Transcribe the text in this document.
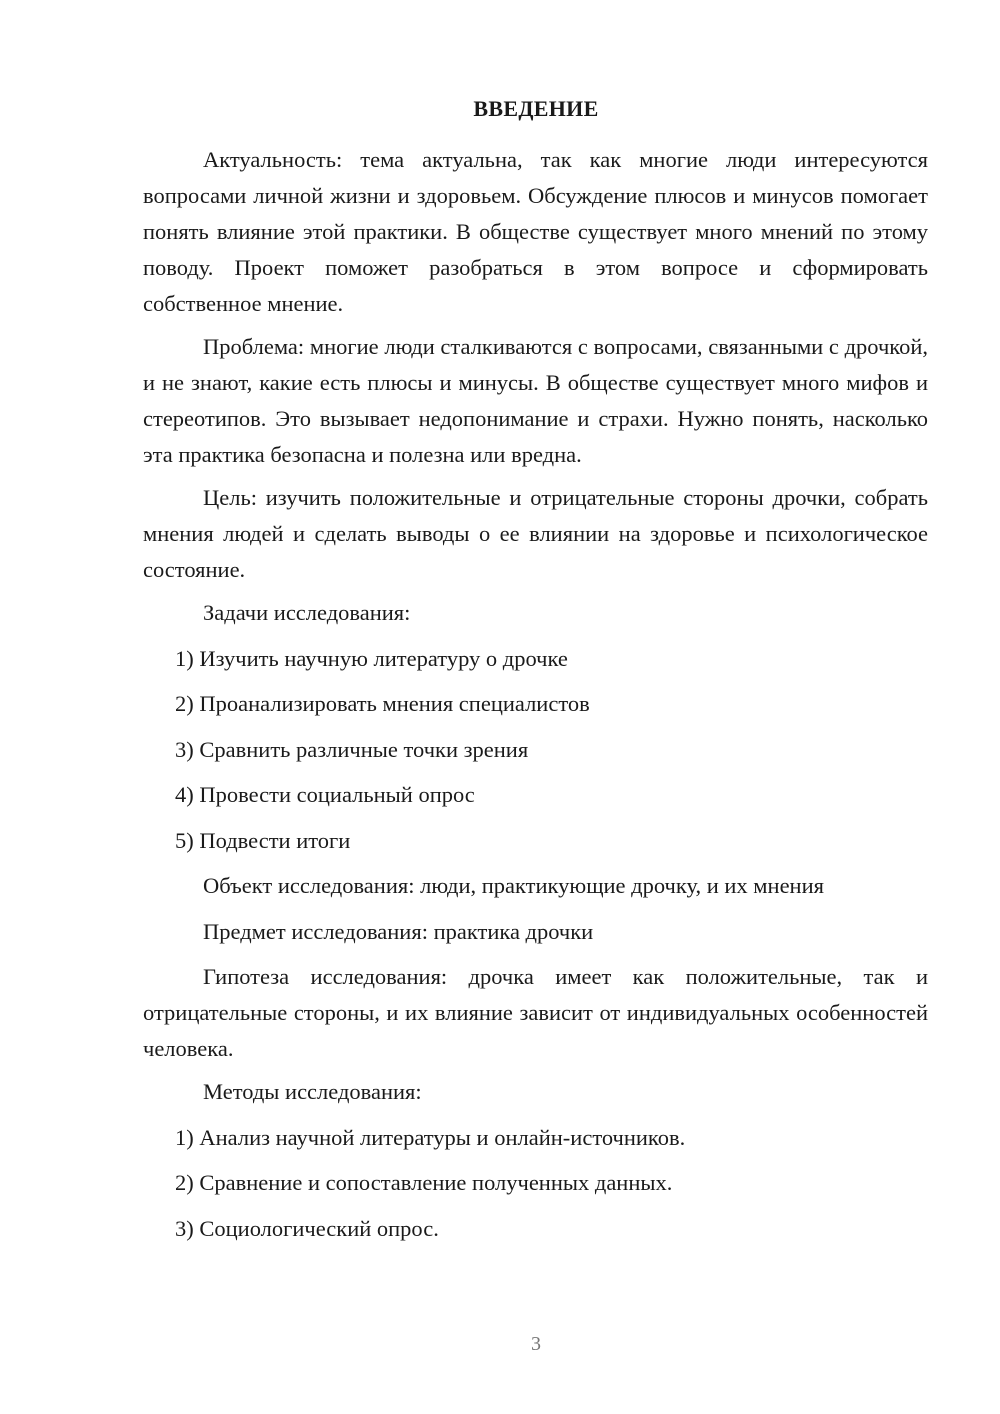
ВВЕДЕНИЕ

Актуальность: тема актуальна, так как многие люди интересуются вопросами личной жизни и здоровьем. Обсуждение плюсов и минусов помогает понять влияние этой практики. В обществе существует много мнений по этому поводу. Проект поможет разобраться в этом вопросе и сформировать собственное мнение.

Проблема: многие люди сталкиваются с вопросами, связанными с дрочкой, и не знают, какие есть плюсы и минусы. В обществе существует много мифов и стереотипов. Это вызывает недопонимание и страхи. Нужно понять, насколько эта практика безопасна и полезна или вредна.

Цель: изучить положительные и отрицательные стороны дрочки, собрать мнения людей и сделать выводы о ее влиянии на здоровье и психологическое состояние.

Задачи исследования:

1) Изучить научную литературу о дрочке

2) Проанализировать мнения специалистов

3) Сравнить различные точки зрения

4) Провести социальный опрос

5) Подвести итоги

Объект исследования: люди, практикующие дрочку, и их мнения

Предмет исследования: практика дрочки

Гипотеза исследования: дрочка имеет как положительные, так и отрицательные стороны, и их влияние зависит от индивидуальных особенностей человека.

Методы исследования:

1) Анализ научной литературы и онлайн-источников.

2) Сравнение и сопоставление полученных данных.

3) Социологический опрос.

3
